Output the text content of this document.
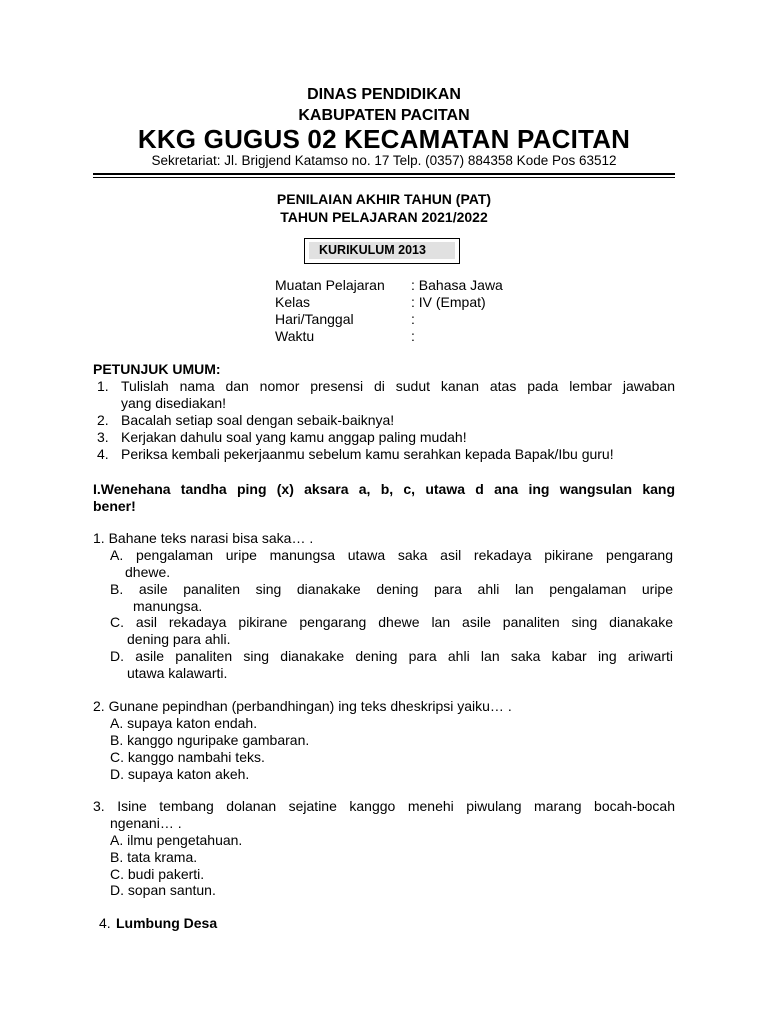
DINAS PENDIDIKAN
KABUPATEN PACITAN
KKG GUGUS 02 KECAMATAN PACITAN
Sekretariat: Jl. Brigjend Katamso no. 17 Telp. (0357) 884358 Kode Pos 63512
PENILAIAN AKHIR TAHUN (PAT)
TAHUN PELAJARAN 2021/2022
KURIKULUM 2013
Muatan Pelajaran : Bahasa Jawa
Kelas	: IV (Empat)
Hari/Tanggal	:
Waktu	:
PETUNJUK UMUM:
1. Tulislah nama dan nomor presensi di sudut kanan atas pada lembar jawaban
yang disediakan!
2. Bacalah setiap soal dengan sebaik-baiknya!
3. Kerjakan dahulu soal yang kamu anggap paling mudah!
4. Periksa kembali pekerjaanmu sebelum kamu serahkan kepada Bapak/Ibu guru!
I.Wenehana tandha ping (x) aksara a, b, c, utawa d ana ing wangsulan kang
bener!
1. Bahane teks narasi bisa saka… .
A. pengalaman uripe manungsa utawa saka asil rekadaya pikirane pengarang
dhewe.
B. asile panaliten sing dianakake dening para ahli lan pengalaman uripe
manungsa.
C. asil rekadaya pikirane pengarang dhewe lan asile panaliten sing dianakake
dening para ahli.
D. asile panaliten sing dianakake dening para ahli lan saka kabar ing ariwarti
utawa kalawarti.
2. Gunane pepindhan (perbandhingan) ing teks dheskripsi yaiku… .
A. supaya katon endah.
B. kanggo nguripake gambaran.
C. kanggo nambahi teks.
D. supaya katon akeh.
3. Isine tembang dolanan sejatine kanggo menehi piwulang marang bocah-bocah
ngenani… .
A. ilmu pengetahuan.
B. tata krama.
C. budi pakerti.
D. sopan santun.
4. Lumbung Desa
